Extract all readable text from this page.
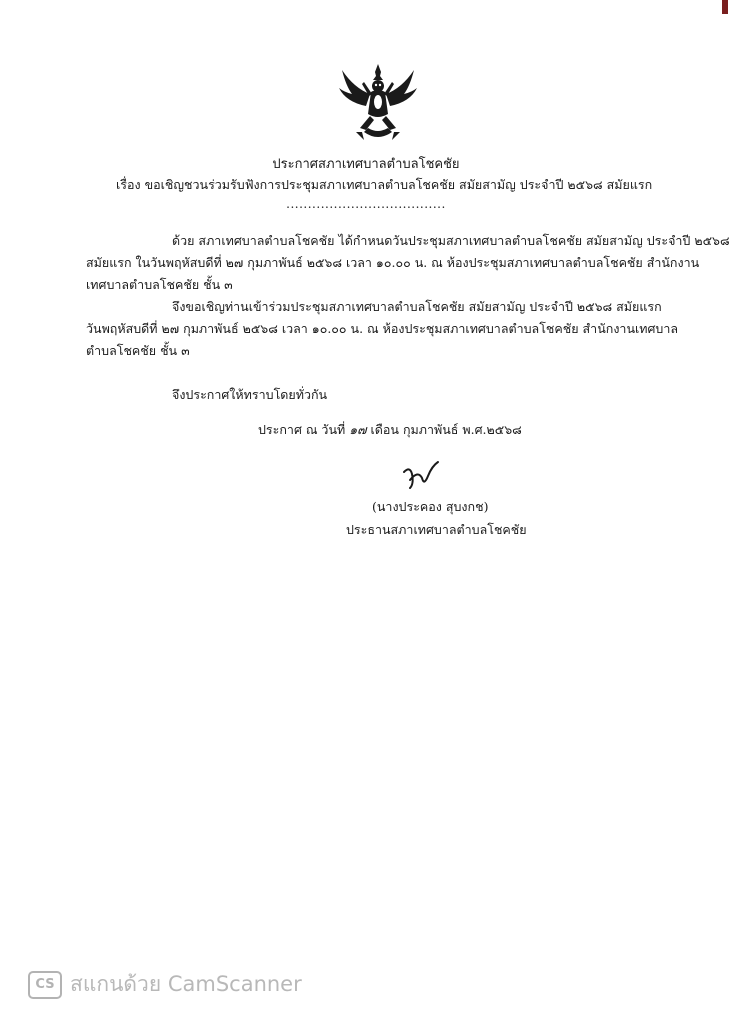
ประกาศสภาเทศบาลตำบลโชคชัย
เรื่อง ขอเชิญชวนร่วมรับฟังการประชุมสภาเทศบาลตำบลโชคชัย สมัยสามัญ ประจำปี ๒๕๖๘ สมัยแรก
.....................................
ด้วย สภาเทศบาลตำบลโชคชัย ได้กำหนดวันประชุมสภาเทศบาลตำบลโชคชัย สมัยสามัญ ประจำปี ๒๕๖๘
สมัยแรก ในวันพฤหัสบดีที่ ๒๗ กุมภาพันธ์ ๒๕๖๘ เวลา ๑๐.๐๐ น. ณ ห้องประชุมสภาเทศบาลตำบลโชคชัย สำนักงาน
เทศบาลตำบลโชคชัย ชั้น ๓
จึงขอเชิญท่านเข้าร่วมประชุมสภาเทศบาลตำบลโชคชัย สมัยสามัญ ประจำปี ๒๕๖๘ สมัยแรก
วันพฤหัสบดีที่ ๒๗ กุมภาพันธ์ ๒๕๖๘ เวลา ๑๐.๐๐ น. ณ ห้องประชุมสภาเทศบาลตำบลโชคชัย สำนักงานเทศบาล
ตำบลโชคชัย ชั้น ๓
จึงประกาศให้ทราบโดยทั่วกัน
ประกาศ ณ วันที่ ๑๗ เดือน กุมภาพันธ์ พ.ศ.๒๕๖๘
(นางประคอง สุบงกช)
ประธานสภาเทศบาลตำบลโชคชัย
CS สแกนด้วย CamScanner
